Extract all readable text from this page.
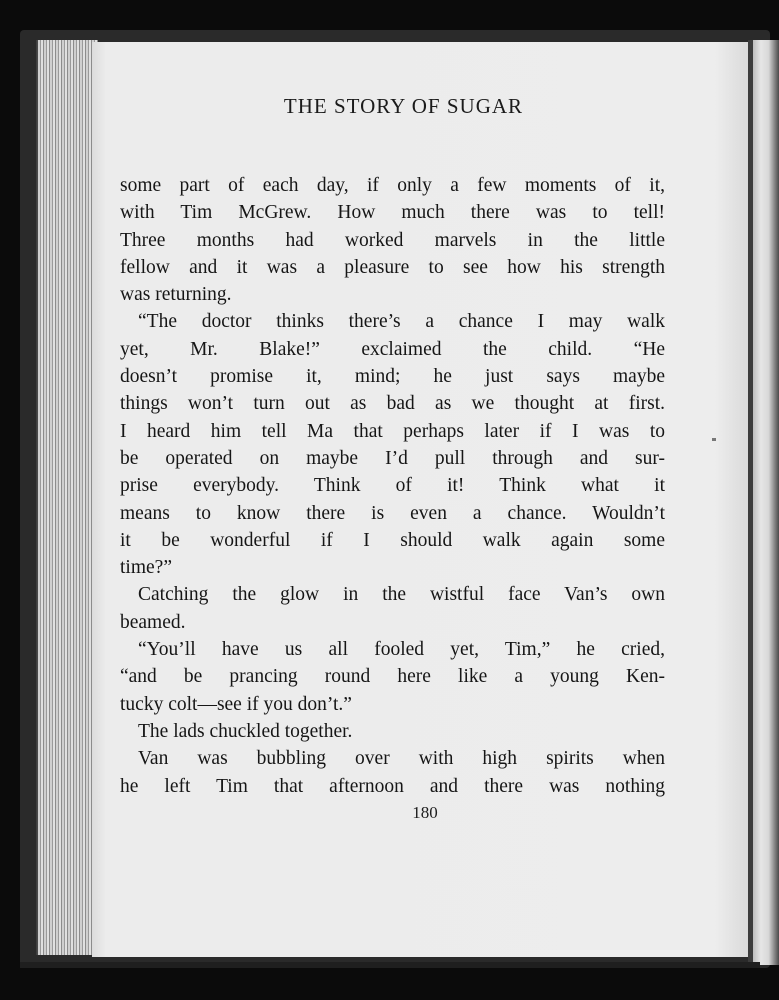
THE STORY OF SUGAR
some part of each day, if only a few moments of it,
with Tim McGrew. How much there was to tell!
Three months had worked marvels in the little
fellow and it was a pleasure to see how his strength
was returning.
“The doctor thinks there’s a chance I may walk
yet, Mr. Blake!” exclaimed the child. “He
doesn’t promise it, mind; he just says maybe
things won’t turn out as bad as we thought at first.
I heard him tell Ma that perhaps later if I was to
be operated on maybe I’d pull through and sur-
prise everybody. Think of it! Think what it
means to know there is even a chance. Wouldn’t
it be wonderful if I should walk again some
time?”
Catching the glow in the wistful face Van’s own
beamed.
“You’ll have us all fooled yet, Tim,” he cried,
“and be prancing round here like a young Ken-
tucky colt—see if you don’t.”
The lads chuckled together.
Van was bubbling over with high spirits when
he left Tim that afternoon and there was nothing
180
